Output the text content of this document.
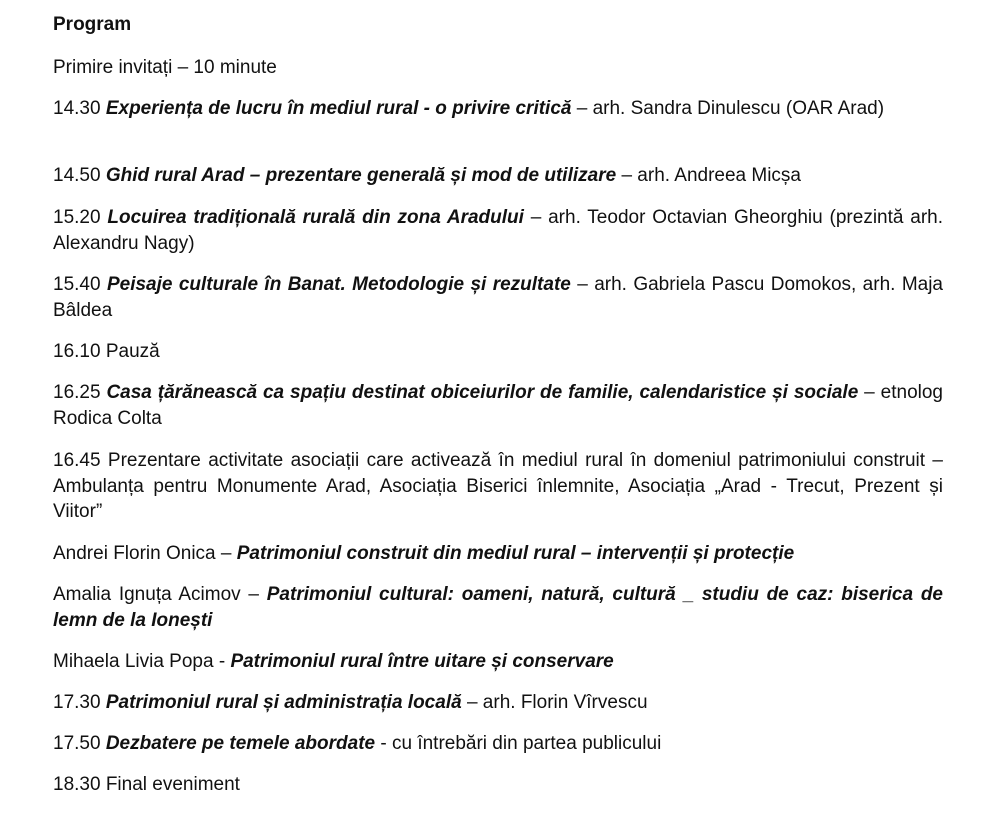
Program
Primire invitați – 10 minute
14.30 Experiența de lucru în mediul rural - o privire critică – arh. Sandra Dinulescu (OAR Arad)
14.50 Ghid rural Arad – prezentare generală și mod de utilizare – arh. Andreea Micșa
15.20 Locuirea tradițională rurală din zona Aradului – arh. Teodor Octavian Gheorghiu (prezintă arh. Alexandru Nagy)
15.40 Peisaje culturale în Banat. Metodologie și rezultate – arh. Gabriela Pascu Domokos, arh. Maja Bâldea
16.10 Pauză
16.25 Casa țărănească ca spațiu destinat obiceiurilor de familie, calendaristice și sociale – etnolog Rodica Colta
16.45 Prezentare activitate asociații care activează în mediul rural în domeniul patrimoniului construit – Ambulanța pentru Monumente Arad, Asociația Biserici înlemnite, Asociația „Arad - Trecut, Prezent și Viitor”
Andrei Florin Onica – Patrimoniul construit din mediul rural – intervenții și protecție
Amalia Ignuța Acimov – Patrimoniul cultural: oameni, natură, cultură _ studiu de caz: biserica de lemn de la Ionești
Mihaela Livia Popa - Patrimoniul rural între uitare și conservare
17.30 Patrimoniul rural și administrația locală – arh. Florin Vîrvescu
17.50 Dezbatere pe temele abordate - cu întrebări din partea publicului
18.30 Final eveniment
